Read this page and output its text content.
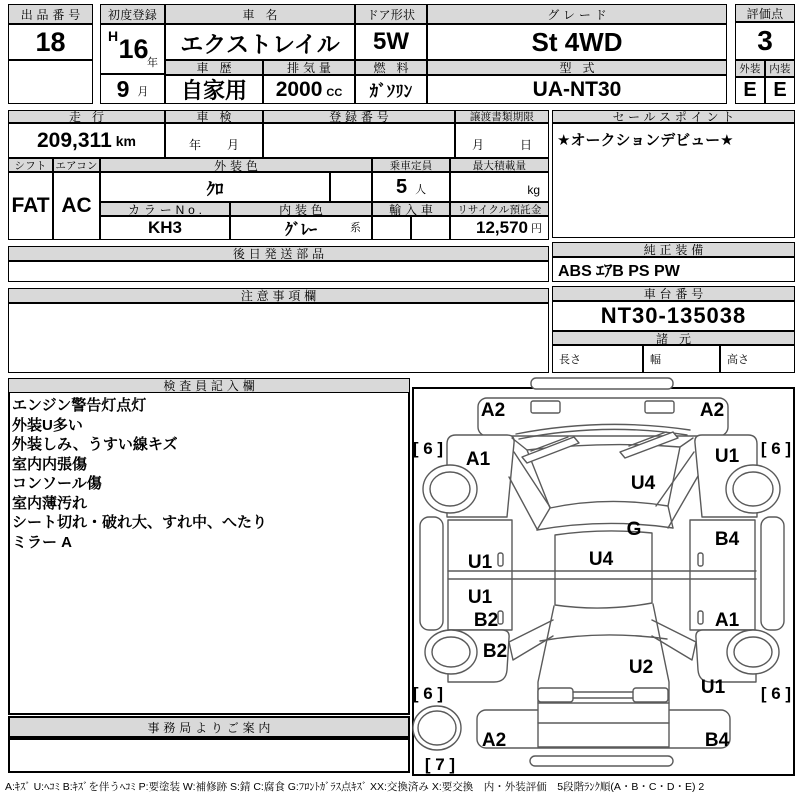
出品番号
18
初度登録
H 16
年
9 月
車 名
エクストレイル
ドア形状
5W
グレード
St 4WD
車 歴
自家用
排気量
2000 CC
燃 料
ｶﾞｿﾘﾝ
型 式
UA-NT30
評価点
3
外装 内装
E E
走 行
209,311 km
車 検
年 月
登録番号	譲渡書類期限
月	日
シフト
FAT
エアコン
AC
外装色
ｸﾛ
カラーNo.
KH3
内装色
ｸﾞﾚｰ	系
輸入車
乗車定員
5 人
最大積載量
kg
リサイクル預託金
12,570 円
後日発送部品
注意事項欄
セールスポイント
★オークションデビュー★
純正装備
ABS ｴｱB PS PW
車台番号
NT30-135038
諸 元
長さ	幅	高さ
検査員記入欄
エンジン警告灯点灯
外装U多い
外装しみ、うすい線キズ
室内内張傷
コンソール傷
室内薄汚れ
シート切れ・破れ大、すれ中、へたり
ミラー A
事務局よりご案内
A2	A2
A1	U1
U4
G	B4
U4
U1
U1
B2	A1
B2
U2
U1
A2	B4
[ 6 ]	[ 6 ]
[ 6 ]	[ 6 ]
[ 7 ]
A:ｷｽﾞ U:ﾍｺﾐ B:ｷｽﾞを伴うﾍｺﾐ P:要塗装 W:補修跡 S:錆 C:腐食 G:ﾌﾛﾝﾄｶﾞﾗｽ点ｷｽﾞ XX:交換済み X:要交換　内・外装評価　5段階ﾗﾝｸ順(A・B・C・D・E) 2
